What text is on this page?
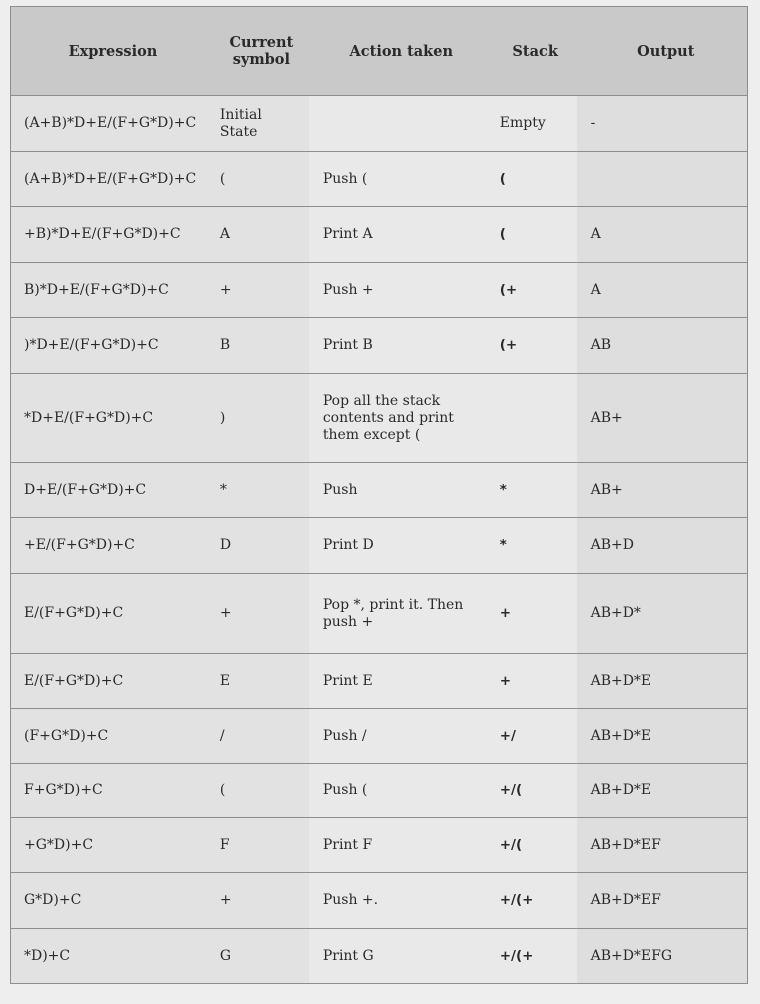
Expression	Current symbol	Action taken	Stack	Output
(A+B)*D+E/(F+G*D)+C	Initial State		Empty	-
(A+B)*D+E/(F+G*D)+C	(	Push (	(	
+B)*D+E/(F+G*D)+C	A	Print A	(	A
B)*D+E/(F+G*D)+C	+	Push +	(+	A
)*D+E/(F+G*D)+C	B	Print B	(+	AB
*D+E/(F+G*D)+C	)	Pop all the stack contents and print them except (		AB+
D+E/(F+G*D)+C	*	Push	*	AB+
+E/(F+G*D)+C	D	Print D	*	AB+D
E/(F+G*D)+C	+	Pop *, print it. Then push +	+	AB+D*
E/(F+G*D)+C	E	Print E	+	AB+D*E
(F+G*D)+C	/	Push /	+/	AB+D*E
F+G*D)+C	(	Push (	+/(	AB+D*E
+G*D)+C	F	Print F	+/(	AB+D*EF
G*D)+C	+	Push +.	+/(+	AB+D*EF
*D)+C	G	Print G	+/(+	AB+D*EFG
